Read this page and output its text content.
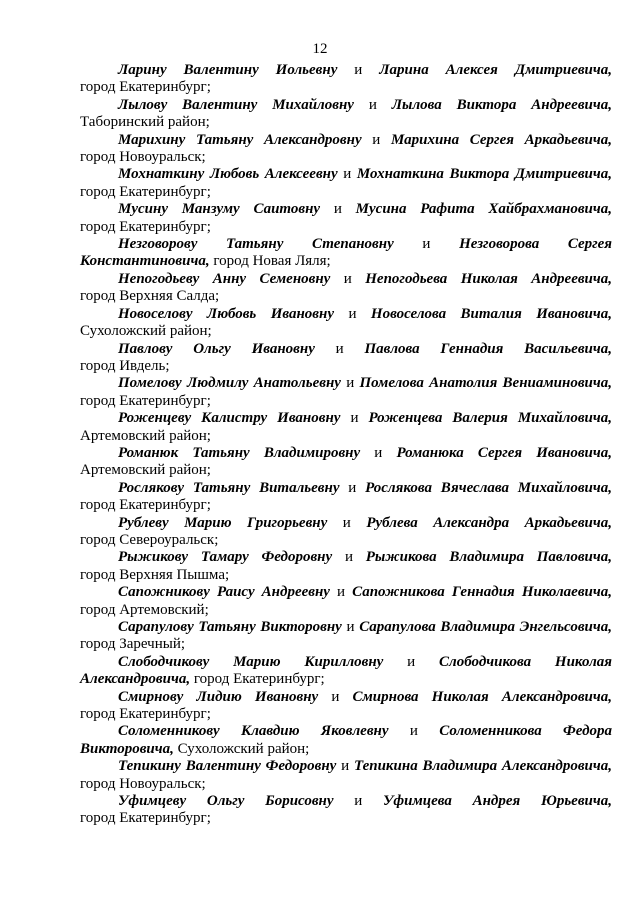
12

Ларину Валентину Иольевну и Ларина Алексея Дмитриевича,
город Екатеринбург;

Лылову Валентину Михайловну и Лылова Виктора Андреевича,
Таборинский район;

Марихину Татьяну Александровну и Марихина Сергея Аркадьевича,
город Новоуральск;

Мохнаткину Любовь Алексеевну и Мохнаткина Виктора Дмитриевича,
город Екатеринбург;

Мусину Манзуму Саитовну и Мусина Рафита Хайбрахмановича,
город Екатеринбург;

Незговорову Татьяну Степановну и Незговорова Сергея
Константиновича, город Новая Ляля;

Непогодьеву Анну Семеновну и Непогодьева Николая Андреевича,
город Верхняя Салда;

Новоселову Любовь Ивановну и Новоселова Виталия Ивановича,
Сухоложский район;

Павлову Ольгу Ивановну и Павлова Геннадия Васильевича,
город Ивдель;

Помелову Людмилу Анатольевну и Помелова Анатолия Вениаминовича,
город Екатеринбург;

Роженцеву Калистру Ивановну и Роженцева Валерия Михайловича,
Артемовский район;

Романюк Татьяну Владимировну и Романюка Сергея Ивановича,
Артемовский район;

Рослякову Татьяну Витальевну и Рослякова Вячеслава Михайловича,
город Екатеринбург;

Рублеву Марию Григорьевну и Рублева Александра Аркадьевича,
город Североуральск;

Рыжикову Тамару Федоровну и Рыжикова Владимира Павловича,
город Верхняя Пышма;

Сапожникову Раису Андреевну и Сапожникова Геннадия Николаевича,
город Артемовский;

Сарапулову Татьяну Викторовну и Сарапулова Владимира Энгельсовича,
город Заречный;

Слободчикову Марию Кирилловну и Слободчикова Николая
Александровича, город Екатеринбург;

Смирнову Лидию Ивановну и Смирнова Николая Александровича,
город Екатеринбург;

Соломенникову Клавдию Яковлевну и Соломенникова Федора
Викторовича, Сухоложский район;

Тепикину Валентину Федоровну и Тепикина Владимира Александровича,
город Новоуральск;

Уфимцеву Ольгу Борисовну и Уфимцева Андрея Юрьевича,
город Екатеринбург;
